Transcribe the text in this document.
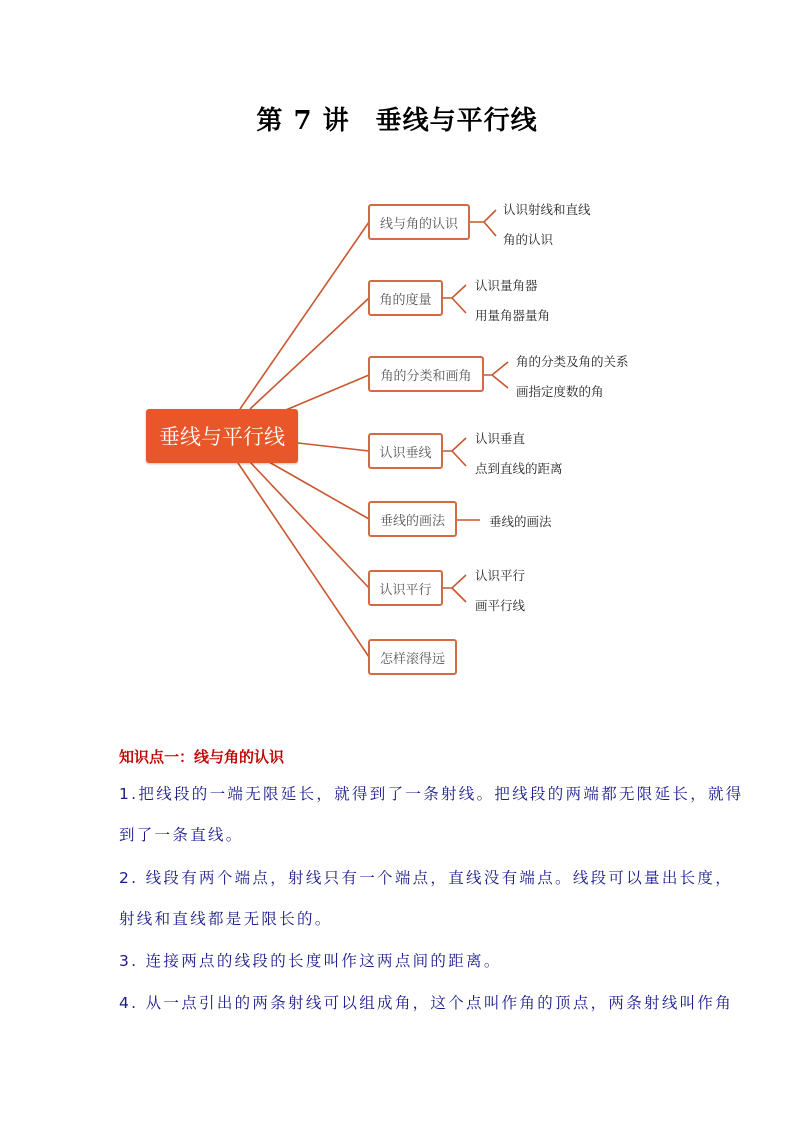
第 7 讲 垂线与平行线
垂线与平行线
线与角的认识
角的度量
角的分类和画角
认识垂线
垂线的画法
认识平行
怎样滚得远
认识射线和直线
角的认识
认识量角器
用量角器量角
角的分类及角的关系
画指定度数的角
认识垂直
点到直线的距离
垂线的画法
认识平行
画平行线
知识点一：线与角的认识
1.把线段的一端无限延长，就得到了一条射线。把线段的两端都无限延长，就得
到了一条直线。
2. 线段有两个端点，射线只有一个端点，直线没有端点。线段可以量出长度，
射线和直线都是无限长的。
3. 连接两点的线段的长度叫作这两点间的距离。
4. 从一点引出的两条射线可以组成角，这个点叫作角的顶点，两条射线叫作角
